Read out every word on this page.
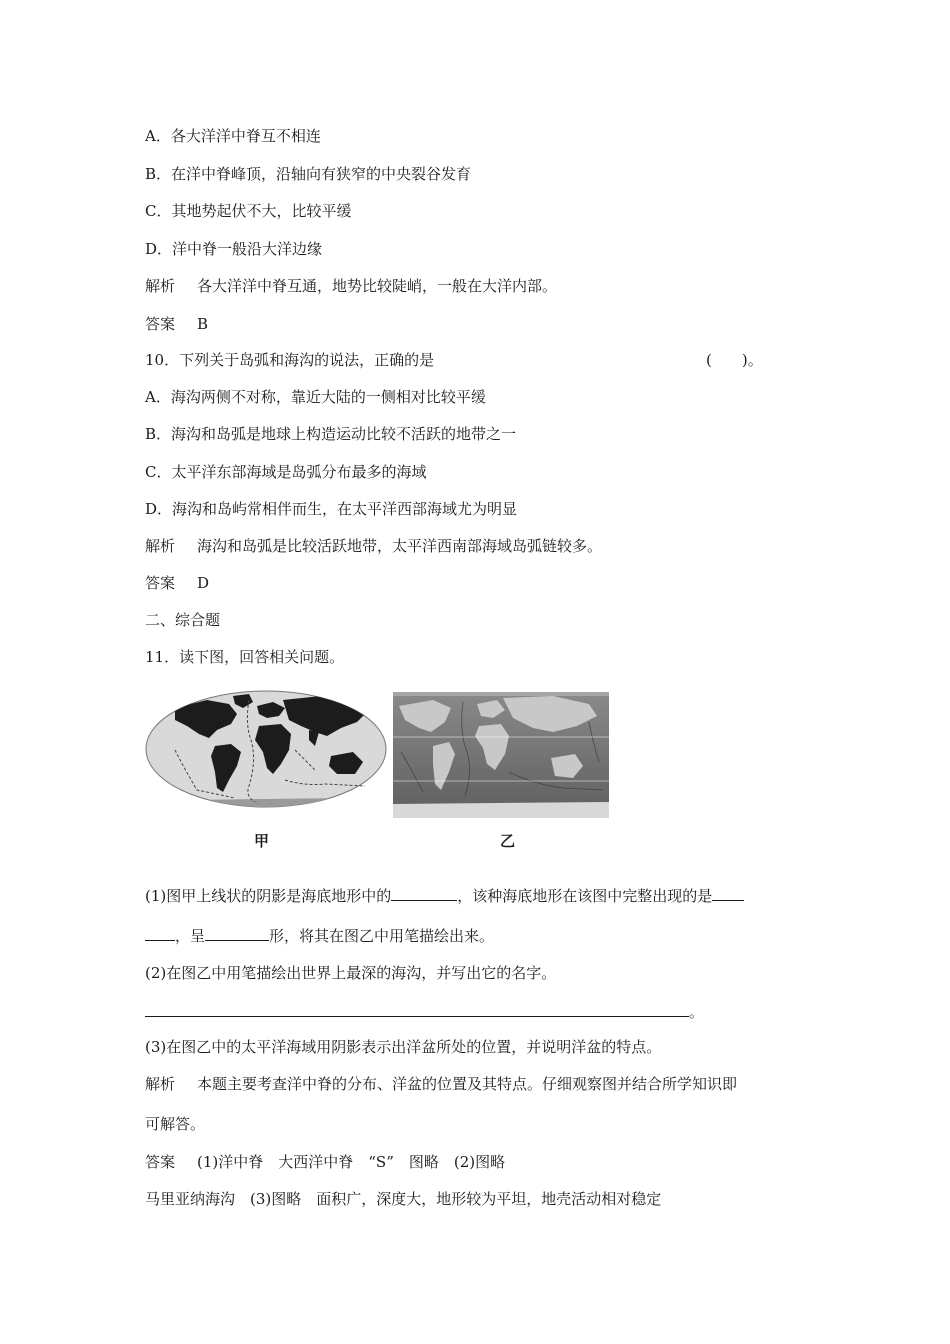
A．各大洋洋中脊互不相连
B．在洋中脊峰顶，沿轴向有狭窄的中央裂谷发育
C．其地势起伏不大，比较平缓
D．洋中脊一般沿大洋边缘
解析 各大洋洋中脊互通，地势比较陡峭，一般在大洋内部。
答案 B
10．下列关于岛弧和海沟的说法，正确的是	(　　)。
A．海沟两侧不对称，靠近大陆的一侧相对比较平缓
B．海沟和岛弧是地球上构造运动比较不活跃的地带之一
C．太平洋东部海域是岛弧分布最多的海域
D．海沟和岛屿常相伴而生，在太平洋西部海域尤为明显
解析 海沟和岛弧是比较活跃地带，太平洋西南部海域岛弧链较多。
答案 D
二、综合题
11．读下图，回答相关问题。
甲	乙
(1)图甲上线状的阴影是海底地形中的	，该种海底地形在该图中完整出现的是
，呈	形，将其在图乙中用笔描绘出来。
(2)在图乙中用笔描绘出世界上最深的海沟，并写出它的名字。
。
(3)在图乙中的太平洋海域用阴影表示出洋盆所处的位置，并说明洋盆的特点。
解析 本题主要考查洋中脊的分布、洋盆的位置及其特点。仔细观察图并结合所学知识即
可解答。
答案 (1)洋中脊　大西洋中脊　“S”　图略　(2)图略
马里亚纳海沟　(3)图略　面积广，深度大，地形较为平坦，地壳活动相对稳定
